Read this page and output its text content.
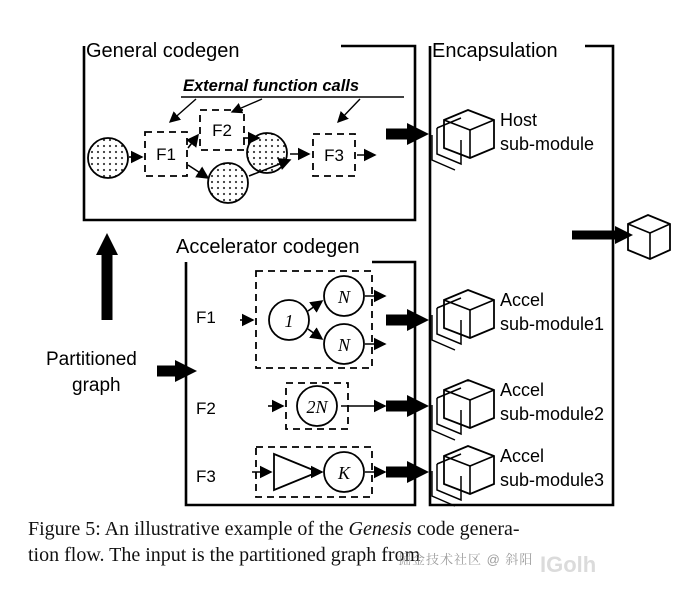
General codegen
External function calls
F1
F2
F3
Accelerator codegen
F1	1
N
N
F2	2N
F3	K
Encapsulation
Host
sub-module
Accel
sub-module1
Accel
sub-module2
Accel
sub-module3
Partitioned
graph
Figure 5: An illustrative example of the Genesis code genera-
tion flow. The input is the partitioned graph from
掘金技术社区 @ 斜阳 IGolh
